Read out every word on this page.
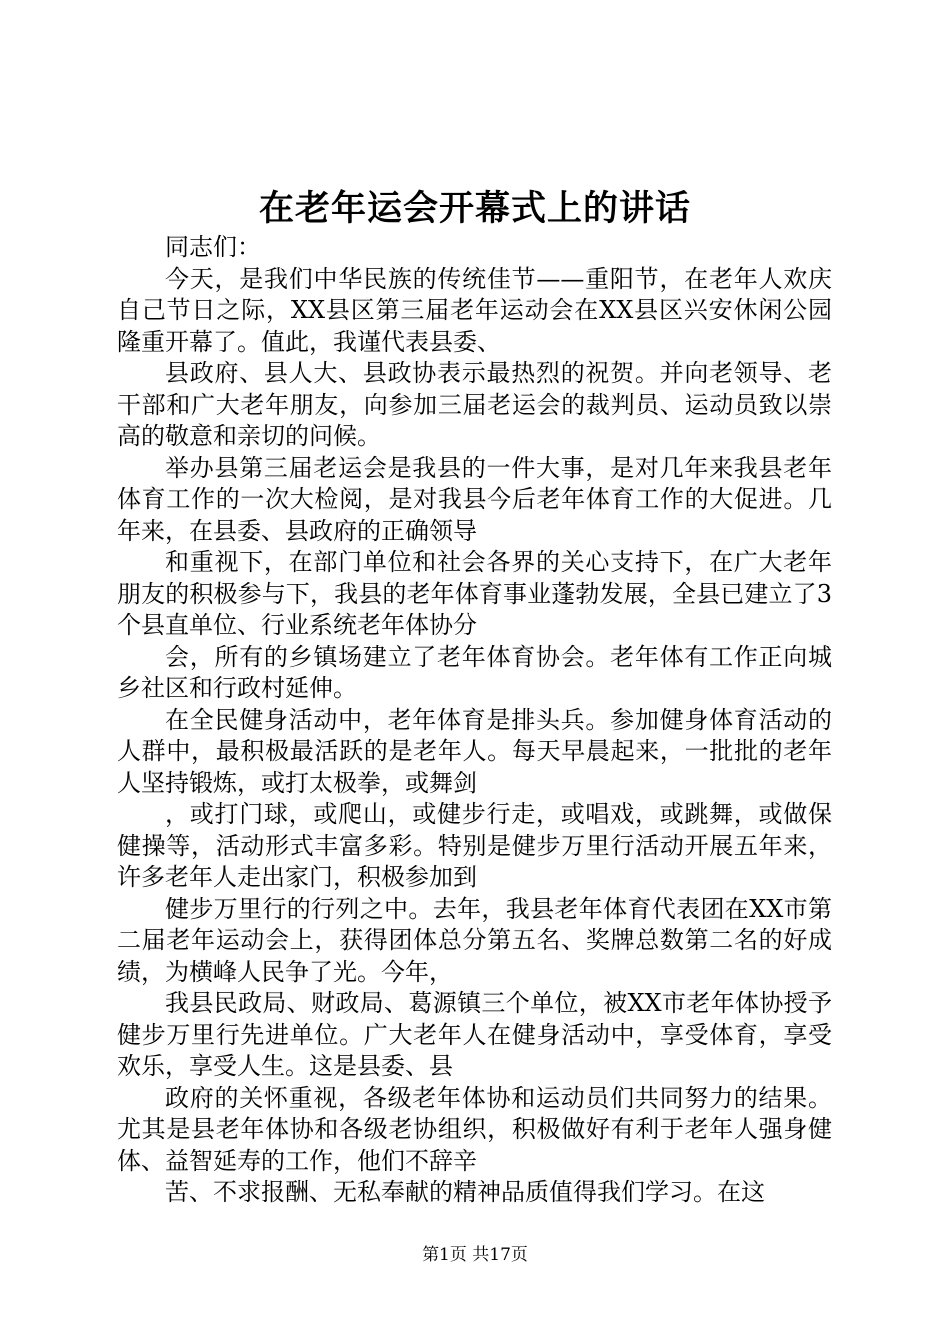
在老年运会开幕式上的讲话

同志们：

今天，是我们中华民族的传统佳节——重阳节，在老年人欢庆自己节日之际，XX县区第三届老年运动会在XX县区兴安休闲公园隆重开幕了。值此，我谨代表县委、

县政府、县人大、县政协表示最热烈的祝贺。并向老领导、老干部和广大老年朋友，向参加三届老运会的裁判员、运动员致以崇高的敬意和亲切的问候。

举办县第三届老运会是我县的一件大事，是对几年来我县老年体育工作的一次大检阅，是对我县今后老年体育工作的大促进。几年来，在县委、县政府的正确领导

和重视下，在部门单位和社会各界的关心支持下，在广大老年朋友的积极参与下，我县的老年体育事业蓬勃发展，全县已建立了3个县直单位、行业系统老年体协分

会，所有的乡镇场建立了老年体育协会。老年体有工作正向城乡社区和行政村延伸。

在全民健身活动中，老年体育是排头兵。参加健身体育活动的人群中，最积极最活跃的是老年人。每天早晨起来，一批批的老年人坚持锻炼，或打太极拳，或舞剑

，或打门球，或爬山，或健步行走，或唱戏，或跳舞，或做保健操等，活动形式丰富多彩。特别是健步万里行活动开展五年来，许多老年人走出家门，积极参加到

健步万里行的行列之中。去年，我县老年体育代表团在XX市第二届老年运动会上，获得团体总分第五名、奖牌总数第二名的好成绩，为横峰人民争了光。今年，

我县民政局、财政局、葛源镇三个单位，被XX市老年体协授予健步万里行先进单位。广大老年人在健身活动中，享受体育，享受欢乐，享受人生。这是县委、县

政府的关怀重视，各级老年体协和运动员们共同努力的结果。尤其是县老年体协和各级老协组织，积极做好有利于老年人强身健体、益智延寿的工作，他们不辞辛

苦、不求报酬、无私奉献的精神品质值得我们学习。在这

第1页 共17页
